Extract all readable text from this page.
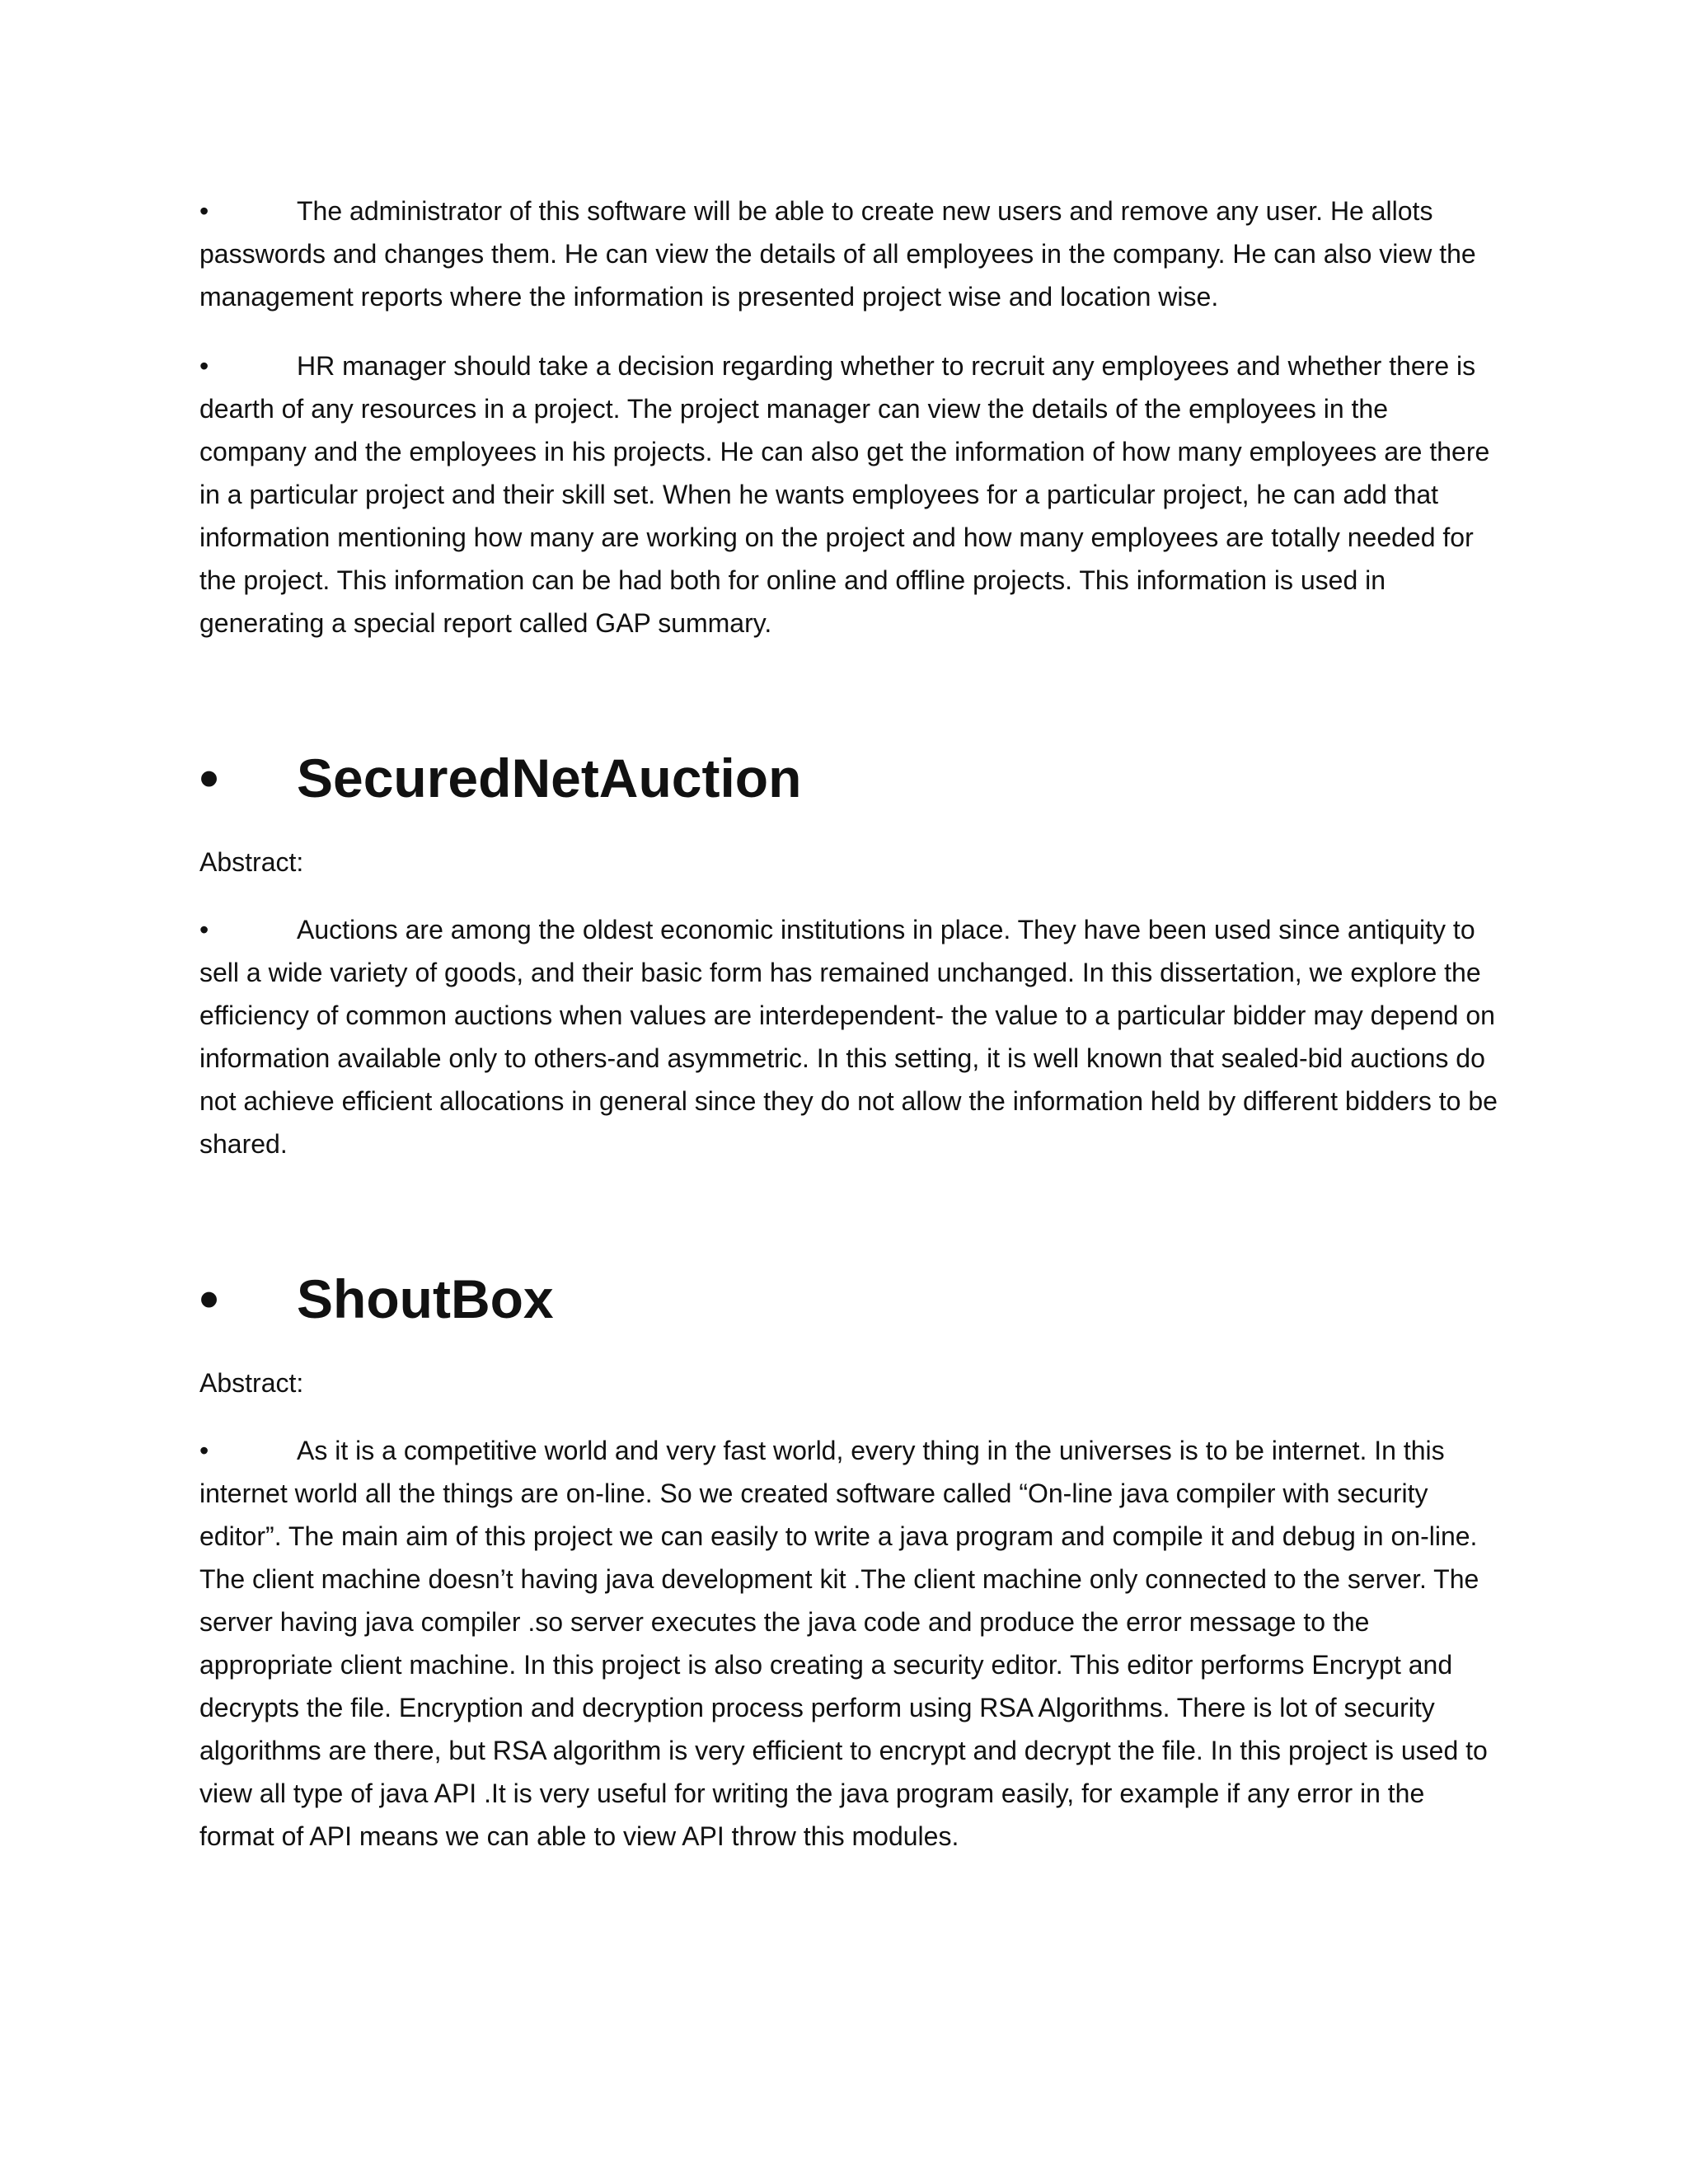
•	The administrator of this software will be able to create new users and remove any user. He allots passwords and changes them. He can view the details of all employees in the company. He can also view the management reports where the information is presented project wise and location wise.

•	HR manager should take a decision regarding whether to recruit any employees and whether there is dearth of any resources in a project. The project manager can view the details of the employees in the company and the employees in his projects. He can also get the information of how many employees are there in a particular project and their skill set. When he wants employees for a particular project, he can add that information mentioning how many are working on the project and how many employees are totally needed for the project. This information can be had both for online and offline projects. This information is used in generating a special report called GAP summary.

•	SecuredNetAuction
Abstract:

•	Auctions are among the oldest economic institutions in place. They have been used since antiquity to sell a wide variety of goods, and their basic form has remained unchanged. In this dissertation, we explore the efficiency of common auctions when values are interdependent- the value to a particular bidder may depend on information available only to others-and asymmetric. In this setting, it is well known that sealed-bid auctions do not achieve efficient allocations in general since they do not allow the information held by different bidders to be shared.

•	ShoutBox
Abstract:

•	As it is a competitive world and very fast world, every thing in the universes is to be internet. In this internet world all the things are on-line. So we created software called “On-line java compiler with security editor”. The main aim of this project we can easily to write a java program and compile it and debug in on-line. The client machine doesn’t having java development kit .The client machine only connected to the server. The server having java compiler .so server executes the java code and produce the error message to the appropriate client machine. In this project is also creating a security editor. This editor performs Encrypt and decrypts the file. Encryption and decryption process perform using RSA Algorithms. There is lot of security algorithms are there, but RSA algorithm is very efficient to encrypt and decrypt the file. In this project is used to view all type of java API .It is very useful for writing the java program easily, for example if any error in the format of API means we can able to view API throw this modules.
